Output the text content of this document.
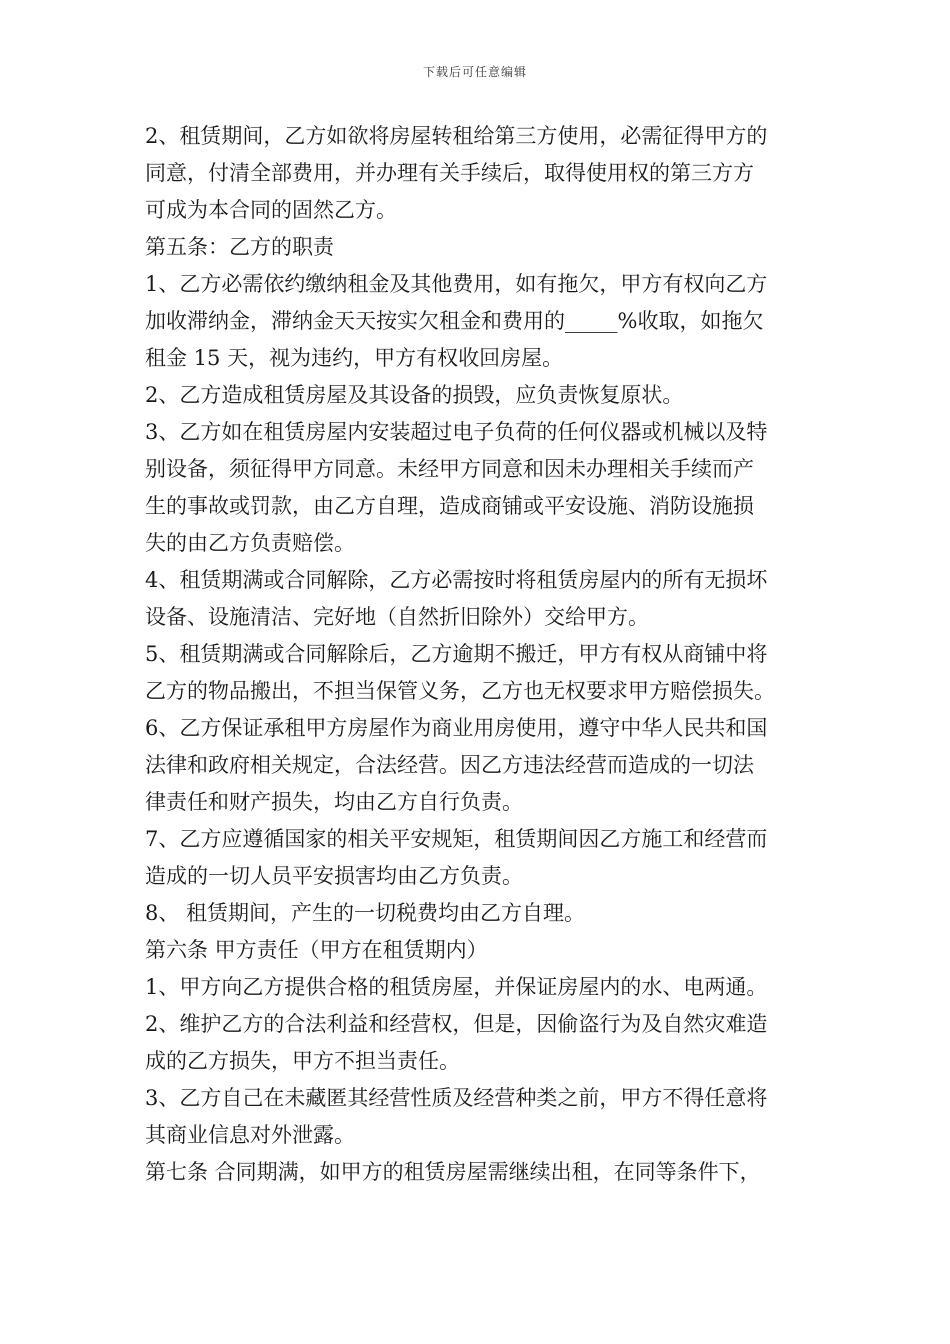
下载后可任意编辑
2、租赁期间，乙方如欲将房屋转租给第三方使用，必需征得甲方的
同意，付清全部费用，并办理有关手续后，取得使用权的第三方方
可成为本合同的固然乙方。
第五条：乙方的职责
1、乙方必需依约缴纳租金及其他费用，如有拖欠，甲方有权向乙方
加收滞纳金，滞纳金天天按实欠租金和费用的_____%收取，如拖欠
租金 15 天，视为违约，甲方有权收回房屋。
2、乙方造成租赁房屋及其设备的损毁，应负责恢复原状。
3、乙方如在租赁房屋内安装超过电子负荷的任何仪器或机械以及特
别设备，须征得甲方同意。未经甲方同意和因未办理相关手续而产
生的事故或罚款，由乙方自理，造成商铺或平安设施、消防设施损
失的由乙方负责赔偿。
4、租赁期满或合同解除，乙方必需按时将租赁房屋内的所有无损坏
设备、设施清洁、完好地（自然折旧除外）交给甲方。
5、租赁期满或合同解除后，乙方逾期不搬迁，甲方有权从商铺中将
乙方的物品搬出，不担当保管义务，乙方也无权要求甲方赔偿损失。
6、乙方保证承租甲方房屋作为商业用房使用，遵守中华人民共和国
法律和政府相关规定，合法经营。因乙方违法经营而造成的一切法
律责任和财产损失，均由乙方自行负责。
7、乙方应遵循国家的相关平安规矩，租赁期间因乙方施工和经营而
造成的一切人员平安损害均由乙方负责。
8、 租赁期间，产生的一切税费均由乙方自理。
第六条 甲方责任（甲方在租赁期内）
1、甲方向乙方提供合格的租赁房屋，并保证房屋内的水、电两通。
2、维护乙方的合法利益和经营权，但是，因偷盗行为及自然灾难造
成的乙方损失，甲方不担当责任。
3、乙方自己在未藏匿其经营性质及经营种类之前，甲方不得任意将
其商业信息对外泄露。
第七条 合同期满，如甲方的租赁房屋需继续出租，在同等条件下，
